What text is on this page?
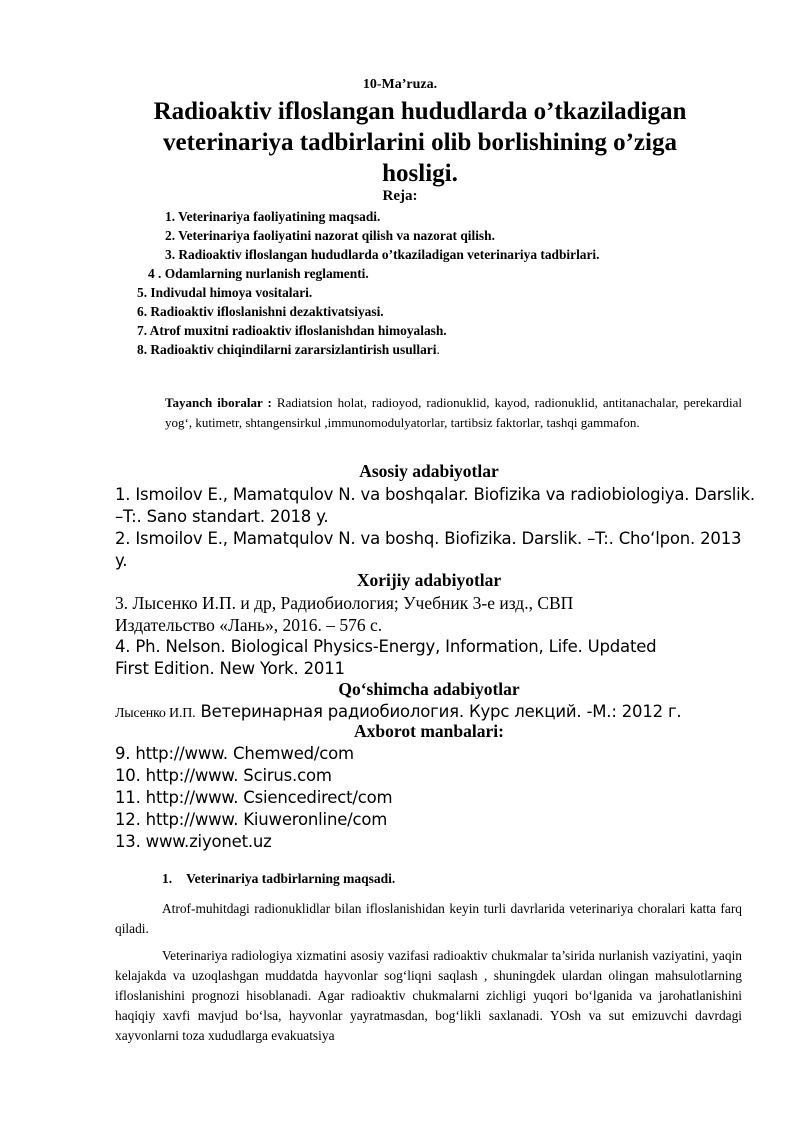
10-Ma’ruza.
Radioaktiv ifloslangan hududlarda o’tkaziladigan veterinariya tadbirlarini olib borlishining o’ziga hosligi.
Reja:
1. Veterinariya faoliyatining maqsadi.
2. Veterinariya faoliyatini nazorat qilish va nazorat qilish.
3. Radioaktiv ifloslangan hududlarda o’tkaziladigan veterinariya tadbirlari.
4 . Odamlarning nurlanish reglamenti.
5. Indivudal himoya vositalari.
6. Radioaktiv ifloslanishni dezaktivatsiyasi.
7. Atrof muxitni radioaktiv ifloslanishdan himoyalash.
8. Radioaktiv chiqindilarni zararsizlantirish usullari.
Tayanch iboralar : Radiatsion holat, radioyod, radionuklid, kayod, radionuklid, antitanachalar, perekardial yog‘, kutimetr, shtangensirkul ,immunomodulyatorlar, tartibsiz faktorlar, tashqi gammafon.
Asosiy adabiyotlar
1. Ismoilov E., Mamatqulov N. va boshqalar. Biofizika va radiobiologiya. Darslik.
–T:. Sano standart. 2018 y.
2. Ismoilov E., Mamatqulov N. va boshq. Biofizika. Darslik. –T:. Cho‘lpon. 2013
y.
Xorijiy adabiyotlar
3. Лысенко И.П. и др, Радиобиология; Учебник 3-е изд., СВП
Издательство «Лань», 2016. – 576 с.
4. Ph. Nelson. Biological Physics-Energy, Information, Life. Updated
First Edition. New York. 2011
Qo‘shimcha adabiyotlar
Лысенко И.П. Ветеринарная радиобиология. Курс лекций. -М.: 2012 г.
Axborot manbalari:
9. http://www. Chemwed/com
10. http://www. Scirus.com
11. http://www. Csiencedirect/com
12. http://www. Kiuweronline/com
13. www.ziyonet.uz
1. Veterinariya tadbirlarning maqsadi.
Atrof-muhitdagi radionuklidlar bilan ifloslanishidan keyin turli davrlarida veterinariya choralari katta farq qiladi.
Veterinariya radiologiya xizmatini asosiy vazifasi radioaktiv chukmalar ta’sirida nurlanish vaziyatini, yaqin kelajakda va uzoqlashgan muddatda hayvonlar sog‘liqni saqlash , shuningdek ulardan olingan mahsulotlarning ifloslanishini prognozi hisoblanadi. Agar radioaktiv chukmalarni zichligi yuqori bo‘lganida va jarohatlanishini haqiqiy xavfi mavjud bo‘lsa, hayvonlar yayratmasdan, bog‘likli saxlanadi. YOsh va sut emizuvchi davrdagi xayvonlarni toza xududlarga evakuatsiya
